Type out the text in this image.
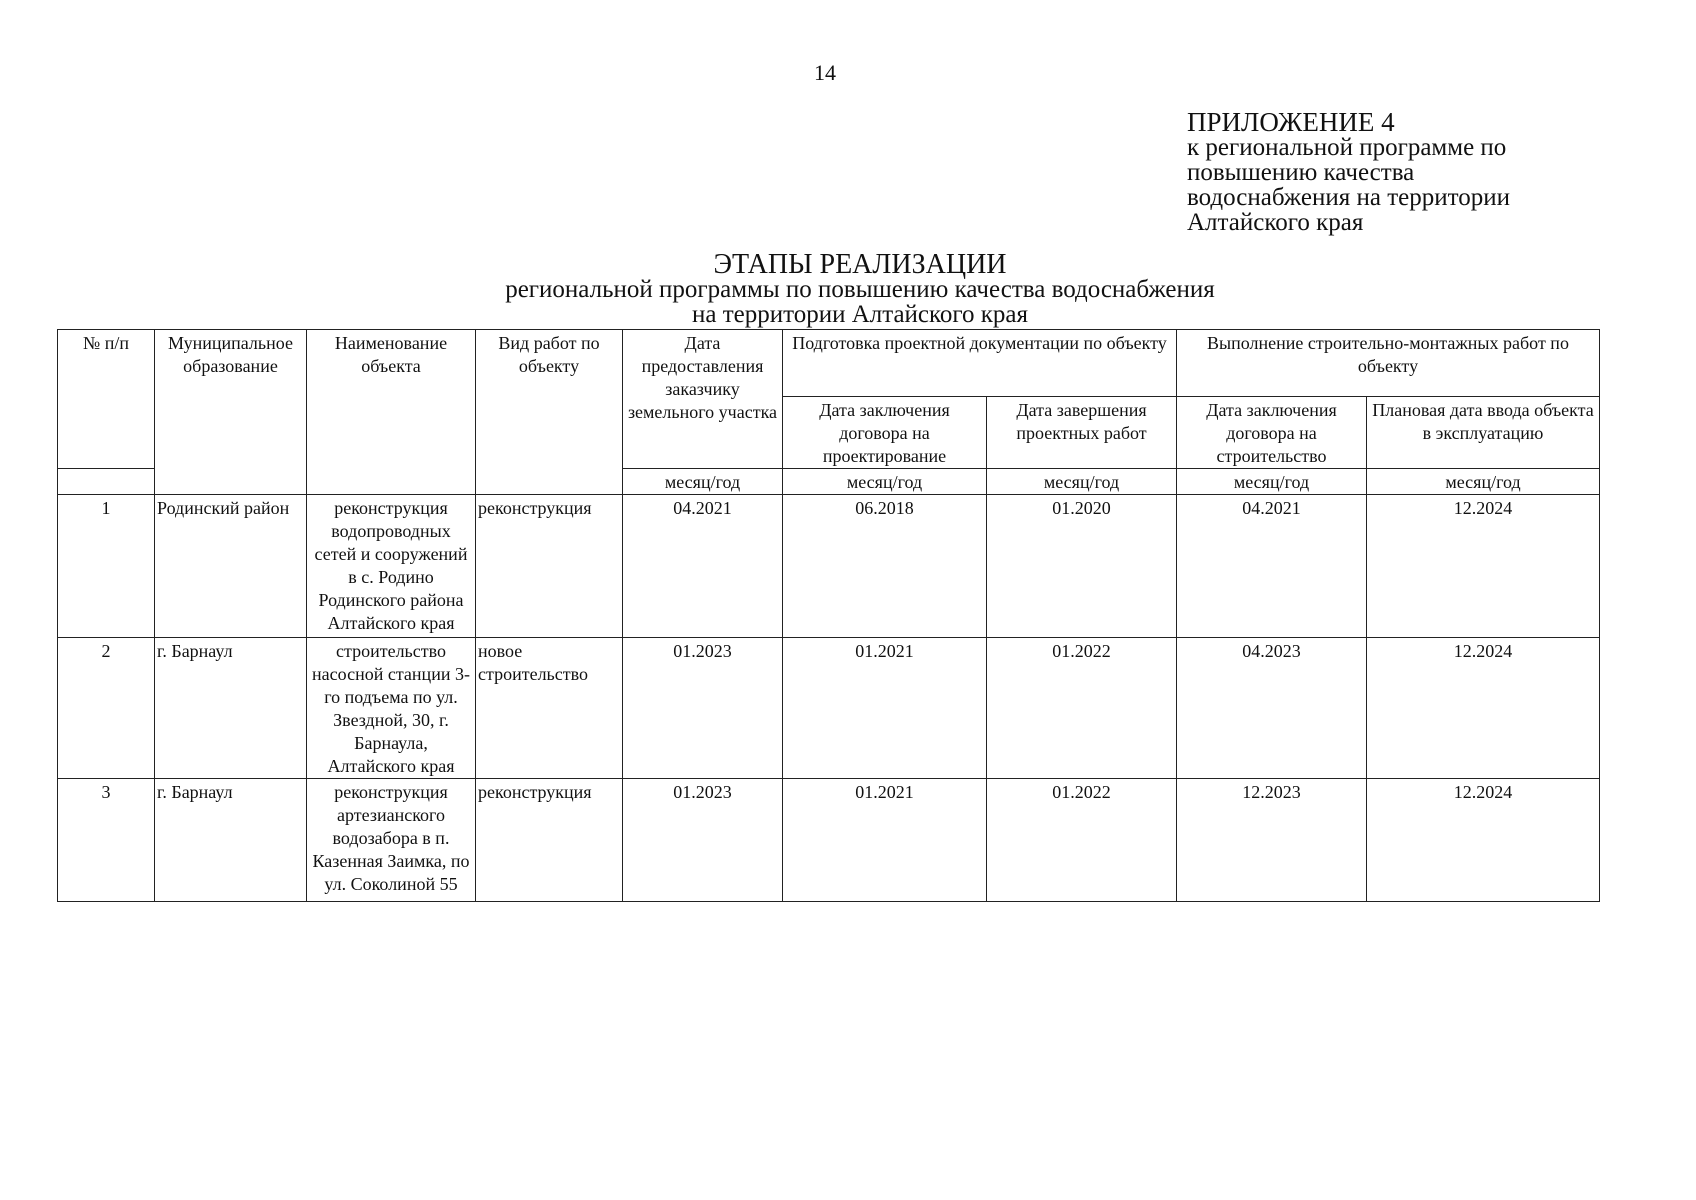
14
ПРИЛОЖЕНИЕ 4
к региональной программе по
повышению качества
водоснабжения на территории
Алтайского края
ЭТАПЫ РЕАЛИЗАЦИИ
региональной программы по повышению качества водоснабжения
на территории Алтайского края
№ п/п	Муниципальное образование	Наименование объекта	Вид работ по объекту	Дата предоставления заказчику земельного участка	Подготовка проектной документации по объекту		Выполнение строительно-монтажных работ по объекту	
					Дата заключения договора на проектирование	Дата завершения проектных работ	Дата заключения договора на строительство	Плановая дата ввода объекта в эксплуатацию
				месяц/год	месяц/год	месяц/год	месяц/год	месяц/год
1	Родинский район	реконструкция водопроводных сетей и сооружений в с. Родино Родинского района Алтайского края	реконструкция	04.2021	06.2018	01.2020	04.2021	12.2024
2	г. Барнаул	строительство насосной станции 3-го подъема по ул. Звездной, 30, г. Барнаула, Алтайского края	новое строительство	01.2023	01.2021	01.2022	04.2023	12.2024
3	г. Барнаул	реконструкция артезианского водозабора в п. Казенная Заимка, по ул. Соколиной 55	реконструкция	01.2023	01.2021	01.2022	12.2023	12.2024
